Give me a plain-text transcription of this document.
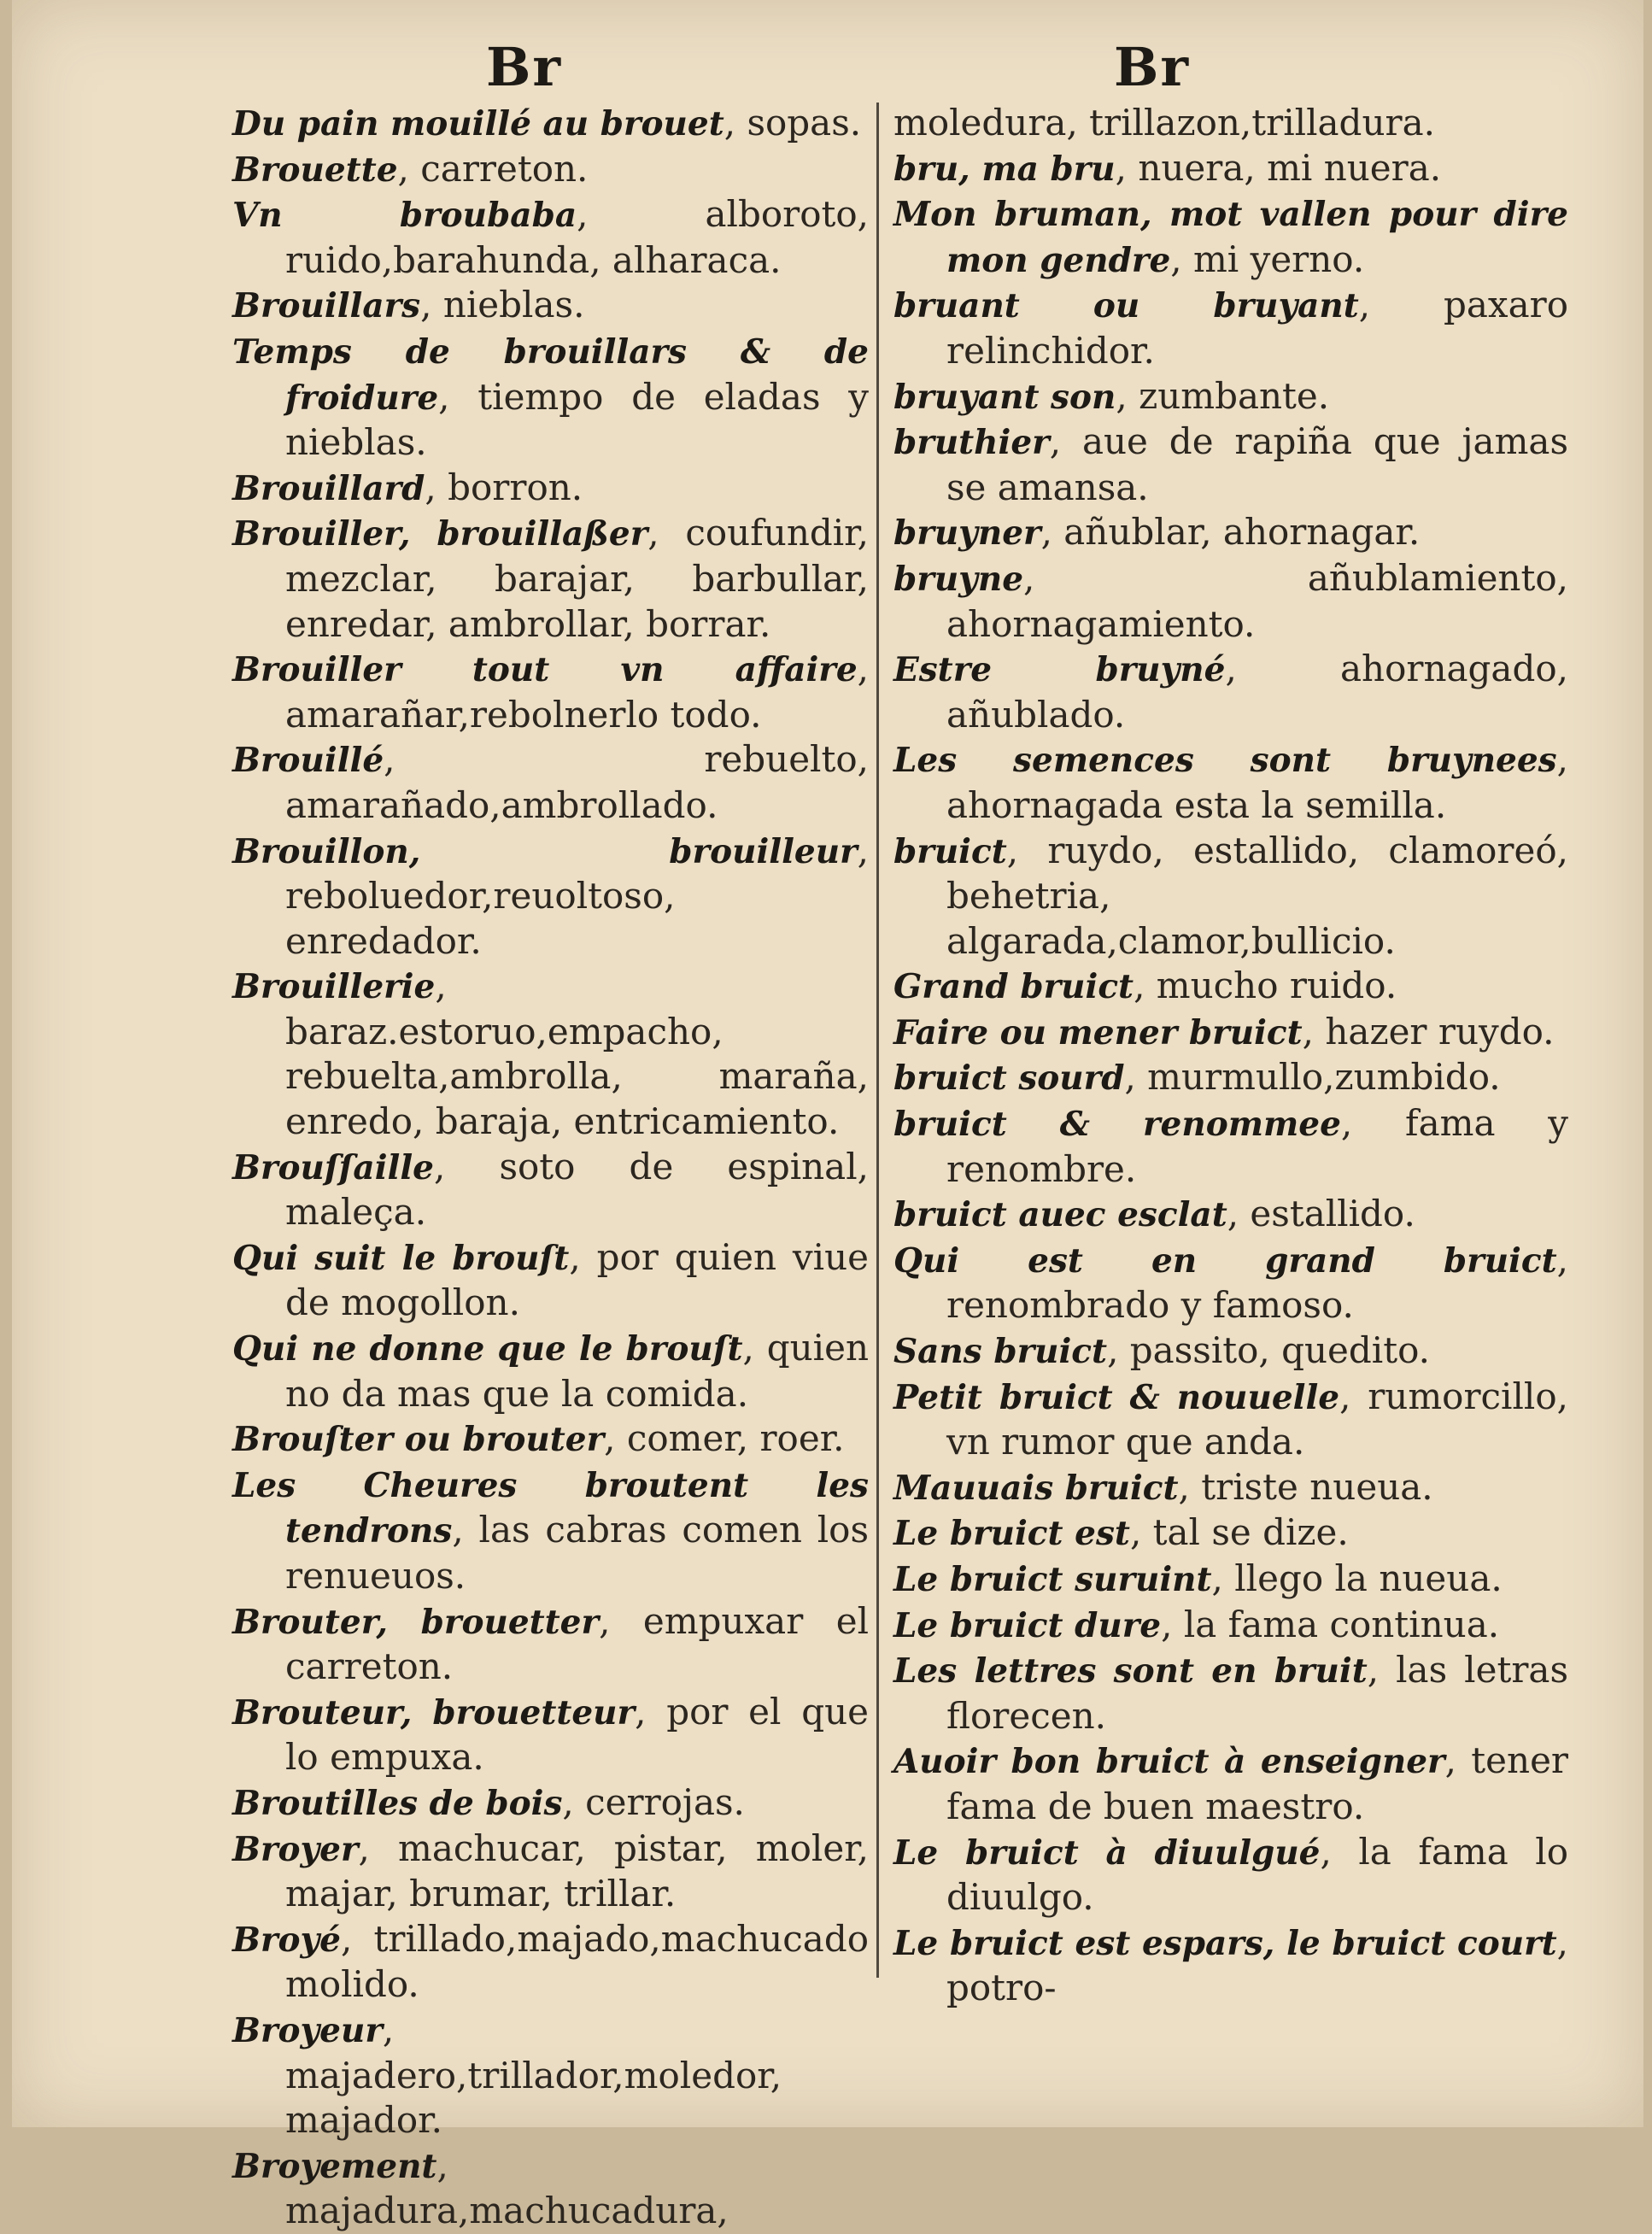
Br	Br
Du pain mouillé au brouet, sopas.
Brouette, carreton.
Vn broubaba, alboroto, ruido,barahunda, alharaca.
Brouillars, nieblas.
Temps de brouillars & de froidure, tiempo de eladas y nieblas.
Brouillard, borron.
Brouiller, brouillaßer, coufundir, mezclar, barajar, barbullar, enredar, ambrollar, borrar.
Brouiller tout vn affaire, amarañar,rebolnerlo todo.
Brouillé, rebuelto, amarañado,ambrollado.
Brouillon, brouilleur, reboluedor,reuoltoso, enredador.
Brouillerie, baraz.estoruo,empacho, rebuelta,ambrolla, maraña, enredo, baraja, entricamiento.
Brouſſaille, soto de espinal, maleça.
Qui suit le brouſt, por quien viue de mogollon.
Qui ne donne que le brouſt, quien no da mas que la comida.
Brouſter ou brouter, comer, roer.
Les Cheures broutent les tendrons, las cabras comen los renueuos.
Brouter, brouetter, empuxar el carreton.
Brouteur, brouetteur, por el que lo empuxa.
Broutilles de bois, cerrojas.
Broyer, machucar, pistar, moler, majar, brumar, trillar.
Broyé, trillado,majado,machucado molido.
Broyeur, majadero,trillador,moledor, majador.
Broyement, majadura,machucadura,
moledura, trillazon,trilladura.
bru, ma bru, nuera, mi nuera.
Mon bruman, mot vallen pour dire mon gendre, mi yerno.
bruant ou bruyant, paxaro relinchidor.
bruyant son, zumbante.
bruthier, aue de rapiña que jamas se amansa.
bruyner, añublar, ahornagar.
bruyne, añublamiento, ahornagamiento.
Estre bruyné, ahornagado, añublado.
Les semences sont bruynees, ahornagada esta la semilla.
bruict, ruydo, estallido, clamoreó, behetria, algarada,clamor,bullicio.
Grand bruict, mucho ruido.
Faire ou mener bruict, hazer ruydo.
bruict sourd, murmullo,zumbido.
bruict & renommee, fama y renombre.
bruict auec esclat, estallido.
Qui est en grand bruict, renombrado y famoso.
Sans bruict, passito, quedito.
Petit bruict & nouuelle, rumorcillo, vn rumor que anda.
Mauuais bruict, triste nueua.
Le bruict est, tal se dize.
Le bruict suruint, llego la nueua.
Le bruict dure, la fama continua.
Les lettres sont en bruit, las letras florecen.
Auoir bon bruict à enseigner, tener fama de buen maestro.
Le bruict à diuulgué, la fama lo diuulgo.
Le bruict est espars, le bruict court, potro-
